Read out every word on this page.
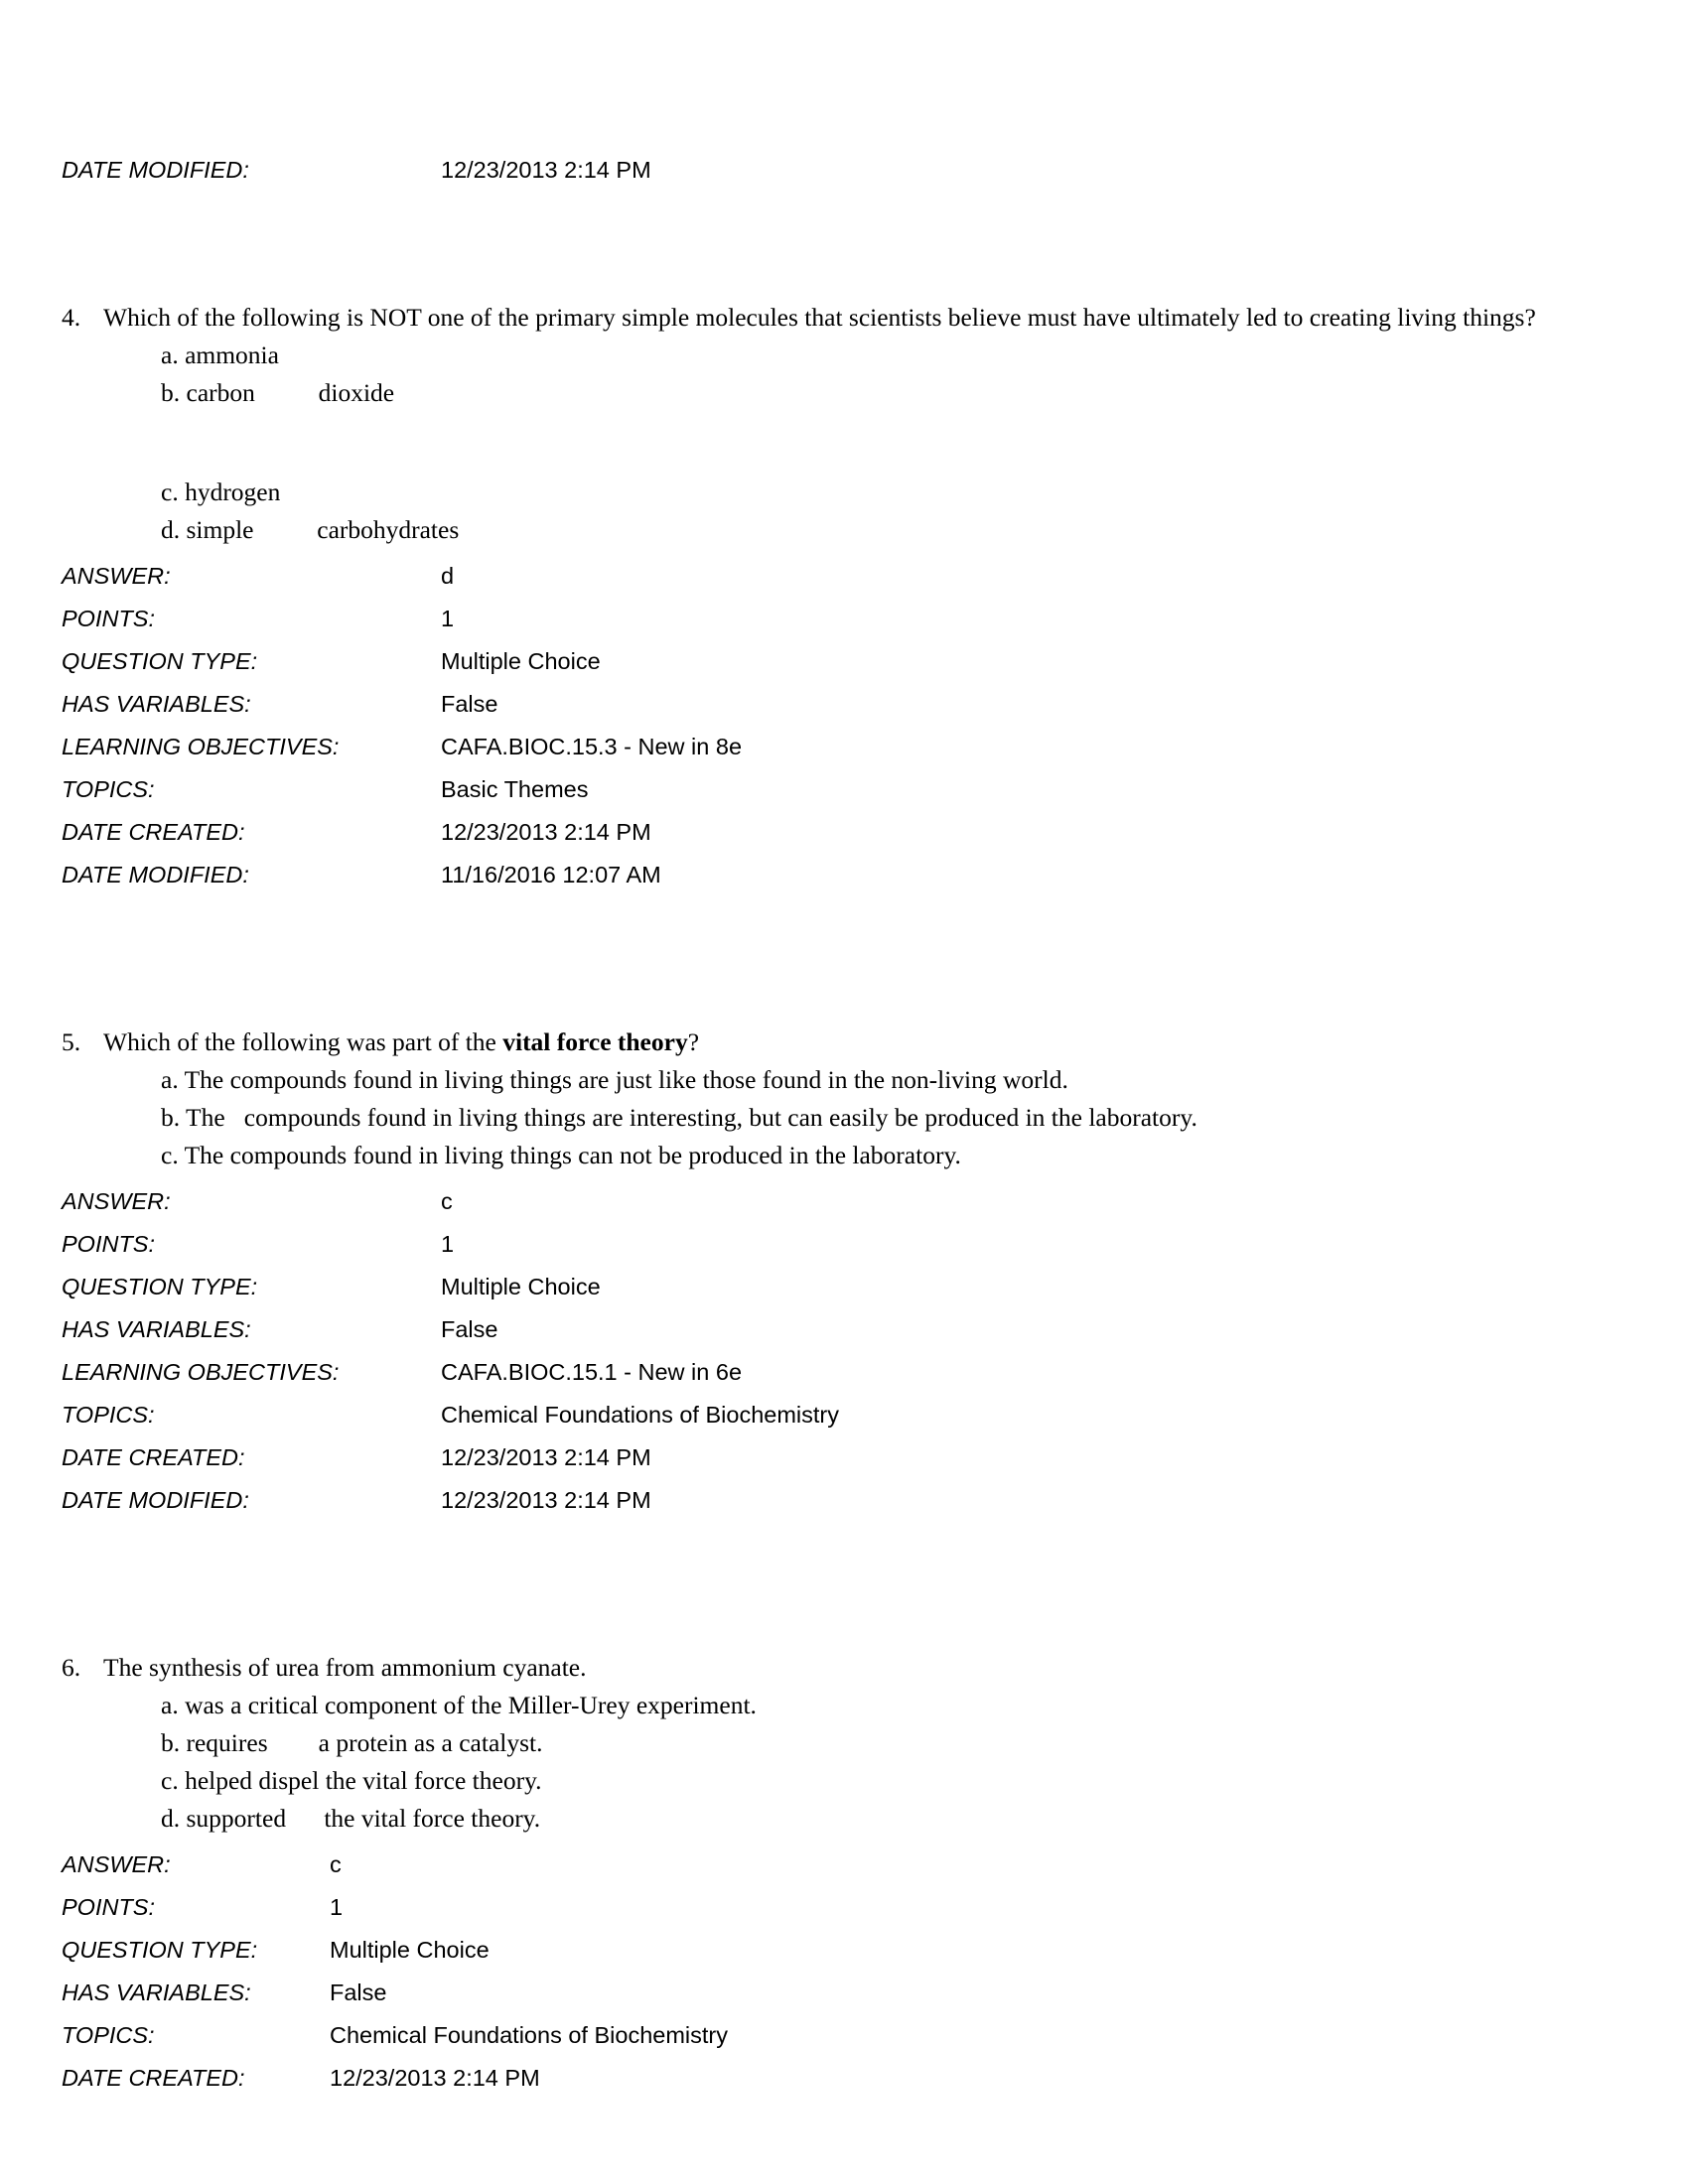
DATE MODIFIED:	12/23/2013 2:14 PM
4. Which of the following is NOT one of the primary simple molecules that scientists believe must have ultimately led to creating living things?
a. ammonia
b. carbon          dioxide
c. hydrogen
d. simple          carbohydrates
ANSWER:	d
POINTS:	1
QUESTION TYPE:	Multiple Choice
HAS VARIABLES:	False
LEARNING OBJECTIVES:	CAFA.BIOC.15.3 - New in 8e
TOPICS:	Basic Themes
DATE CREATED:	12/23/2013 2:14 PM
DATE MODIFIED:	11/16/2016 12:07 AM
5. Which of the following was part of the vital force theory?
a. The compounds found in living things are just like those found in the non-living world.
b. The   compounds found in living things are interesting, but can easily be produced in the laboratory.
c. The compounds found in living things can not be produced in the laboratory.
ANSWER:	c
POINTS:	1
QUESTION TYPE:	Multiple Choice
HAS VARIABLES:	False
LEARNING OBJECTIVES:	CAFA.BIOC.15.1 - New in 6e
TOPICS:	Chemical Foundations of Biochemistry
DATE CREATED:	12/23/2013 2:14 PM
DATE MODIFIED:	12/23/2013 2:14 PM
6. The synthesis of urea from ammonium cyanate.
a. was a critical component of the Miller-Urey experiment.
b. requires        a protein as a catalyst.
c. helped dispel the vital force theory.
d. supported      the vital force theory.
ANSWER:	c
POINTS:	1
QUESTION TYPE:	Multiple Choice
HAS VARIABLES:	False
TOPICS:	Chemical Foundations of Biochemistry
DATE CREATED:	12/23/2013 2:14 PM
